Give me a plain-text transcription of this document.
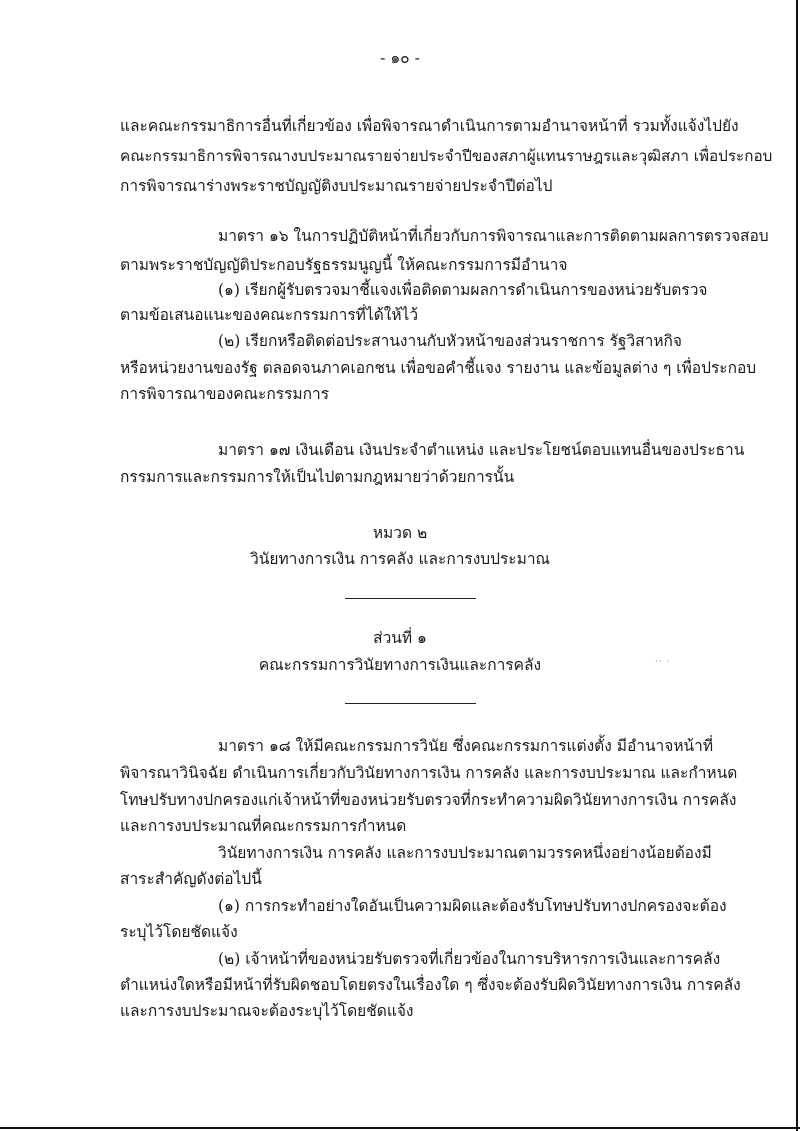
- ๑๐ -
และคณะกรรมาธิการอื่นที่เกี่ยวข้อง เพื่อพิจารณาดำเนินการตามอำนาจหน้าที่ รวมทั้งแจ้งไปยัง
คณะกรรมาธิการพิจารณางบประมาณรายจ่ายประจำปีของสภาผู้แทนราษฎรและวุฒิสภา เพื่อประกอบ
การพิจารณาร่างพระราชบัญญัติงบประมาณรายจ่ายประจำปีต่อไป
มาตรา ๑๖ ในการปฏิบัติหน้าที่เกี่ยวกับการพิจารณาและการติดตามผลการตรวจสอบ
ตามพระราชบัญญัติประกอบรัฐธรรมนูญนี้ ให้คณะกรรมการมีอำนาจ
(๑) เรียกผู้รับตรวจมาชี้แจงเพื่อติดตามผลการดำเนินการของหน่วยรับตรวจ
ตามข้อเสนอแนะของคณะกรรมการที่ได้ให้ไว้
(๒) เรียกหรือติดต่อประสานงานกับหัวหน้าของส่วนราชการ รัฐวิสาหกิจ
หรือหน่วยงานของรัฐ ตลอดจนภาคเอกชน เพื่อขอคำชี้แจง รายงาน และข้อมูลต่าง ๆ เพื่อประกอบ
การพิจารณาของคณะกรรมการ
มาตรา ๑๗ เงินเดือน เงินประจำตำแหน่ง และประโยชน์ตอบแทนอื่นของประธาน
กรรมการและกรรมการให้เป็นไปตามกฎหมายว่าด้วยการนั้น
หมวด ๒
วินัยทางการเงิน การคลัง และการงบประมาณ
ส่วนที่ ๑
คณะกรรมการวินัยทางการเงินและการคลัง	·· ·
มาตรา ๑๘ ให้มีคณะกรรมการวินัย ซึ่งคณะกรรมการแต่งตั้ง มีอำนาจหน้าที่
พิจารณาวินิจฉัย ดำเนินการเกี่ยวกับวินัยทางการเงิน การคลัง และการงบประมาณ และกำหนด
โทษปรับทางปกครองแก่เจ้าหน้าที่ของหน่วยรับตรวจที่กระทำความผิดวินัยทางการเงิน การคลัง
และการงบประมาณที่คณะกรรมการกำหนด
วินัยทางการเงิน การคลัง และการงบประมาณตามวรรคหนึ่งอย่างน้อยต้องมี
สาระสำคัญดังต่อไปนี้
(๑) การกระทำอย่างใดอันเป็นความผิดและต้องรับโทษปรับทางปกครองจะต้อง
ระบุไว้โดยชัดแจ้ง
(๒) เจ้าหน้าที่ของหน่วยรับตรวจที่เกี่ยวข้องในการบริหารการเงินและการคลัง
ตำแหน่งใดหรือมีหน้าที่รับผิดชอบโดยตรงในเรื่องใด ๆ ซึ่งจะต้องรับผิดวินัยทางการเงิน การคลัง
และการงบประมาณจะต้องระบุไว้โดยชัดแจ้ง
